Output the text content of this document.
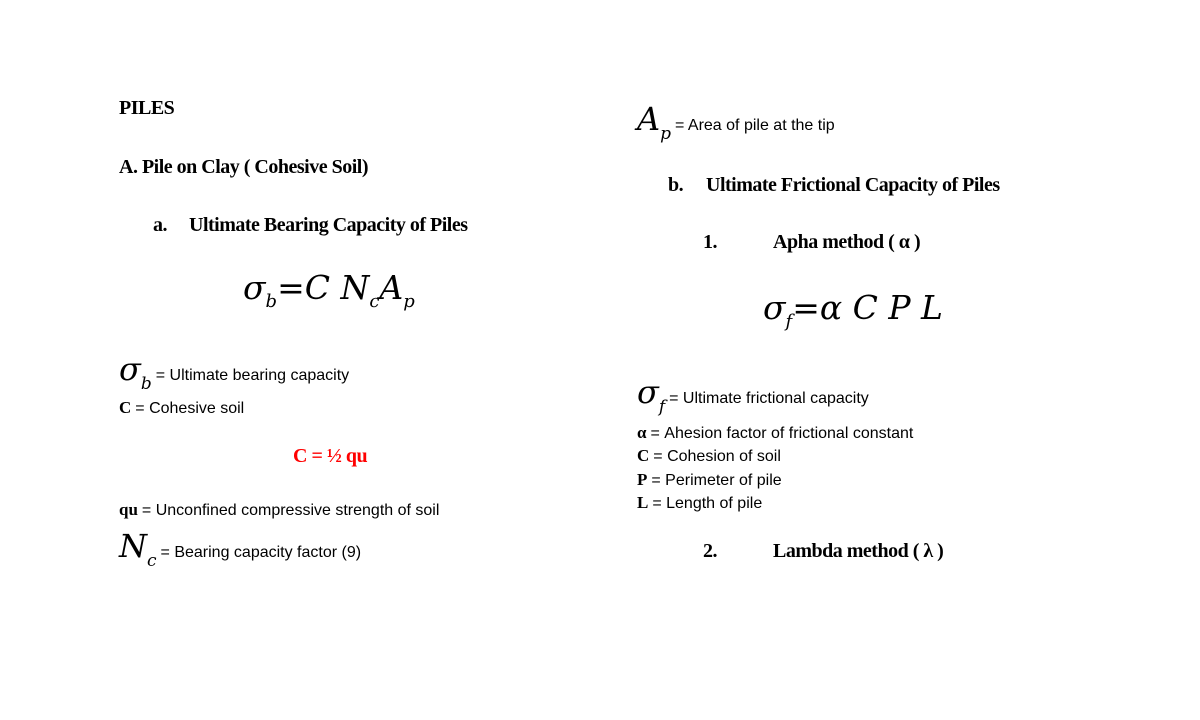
PILES
A. Pile on Clay ( Cohesive Soil)
a. Ultimate Bearing Capacity of Piles
$\sigma_b=C$ $N_cA_p$
σb = Ultimate bearing capacity
C = Cohesive soil
C = ½ qu
qu = Unconfined compressive strength of soil
Nc = Bearing capacity factor (9)
Ap = Area of pile at the tip
b. Ultimate Frictional Capacity of Piles
1.	Apha method ( α )
$\sigma_f=\alpha$ C P L
σf = Ultimate frictional capacity
α = Ahesion factor of frictional constant
C = Cohesion of soil
P = Perimeter of pile
L = Length of pile
2.	Lambda method ( λ )
